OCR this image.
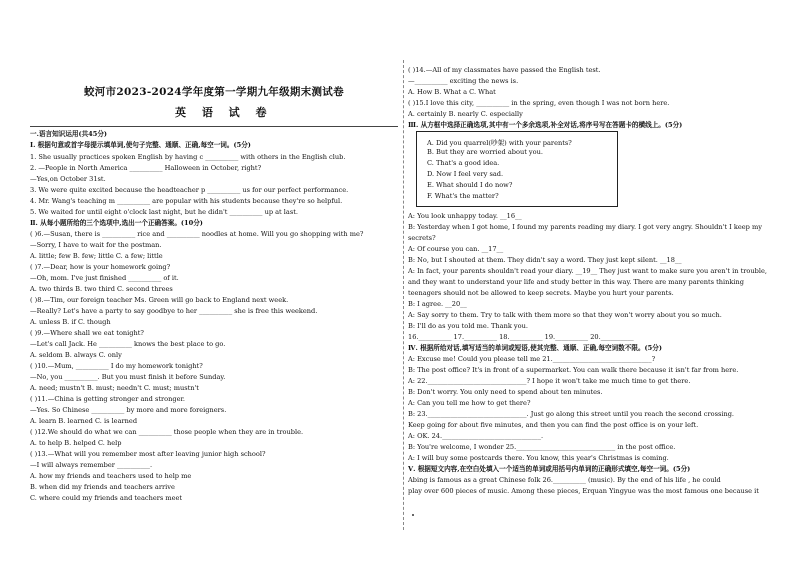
蛟河市2023-2024学年度第一学期九年级期末测试卷
英 语 试 卷
一.语言知识运用(共45分)
Ⅰ. 根据句意或首字母提示填单词,使句子完整、通顺、正确,每空一词。(5分)
1. She usually practices spoken English by having c __________ with others in the English club.
2. —People in North America __________ Halloween in October, right?
—Yes,on October 31st.
3. We were quite excited because the headteacher p __________ us for our perfect performance.
4. Mr. Wang's teaching m __________ are popular with his students because they're so helpful.
5. We waited for until eight o'clock last night, but he didn't __________ up at last.
Ⅱ. 从每小题所给的三个选项中,选出一个正确答案。(10分)
( )6.—Susan, there is __________ rice and __________ noodles at home. Will you go shopping with me?
—Sorry, I have to wait for the postman.
A. little; few B. few; little C. a few; little
( )7.—Dear, how is your homework going?
—Oh, mom. I've just finished __________ of it.
A. two thirds B. two third C. second threes
( )8.—Tim, our foreign teacher Ms. Green will go back to England next week.
—Really? Let's have a party to say goodbye to her __________ she is free this weekend.
A. unless B. if C. though
( )9.—Where shall we eat tonight?
—Let's call Jack. He __________ knows the best place to go.
A. seldom B. always C. only
( )10.—Mum, __________ I do my homework tonight?
—No, you __________. But you must finish it before Sunday.
A. need; mustn't B. must; needn't C. must; mustn't
( )11.—China is getting stronger and stronger.
—Yes. So Chinese __________ by more and more foreigners.
A. learn B. learned C. is learned
( )12.We should do what we can __________ those people when they are in trouble.
A. to help B. helped C. help
( )13.—What will you remember most after leaving junior high school?
—I will always remember __________.
A. how my friends and teachers used to help me
B. when did my friends and teachers arrive
C. where could my friends and teachers meet
A. Did you quarrel(吵架) with your parents?
B. But they are worried about you.
C. That's a good idea.
D. Now I feel very sad.
E. What should I do now?
F. What's the matter?
( )14.—All of my classmates have passed the English test.
—__________ exciting the news is.
A. How B. What a C. What
( )15.I love this city, __________ in the spring, even though I was not born here.
A. certainly B. nearly C. especially
Ⅲ. 从方框中选择正确选项,其中有一个多余选项,补全对话,将序号写在答题卡的横线上。(5分)
A: You look unhappy today. __16__
B: Yesterday when I got home, I found my parents reading my diary. I got very angry. Shouldn't I keep my
secrets?
A: Of course you can. __17__
B: No, but I shouted at them. They didn't say a word. They just kept silent. __18__
A: In fact, your parents shouldn't read your diary. __19__ They just want to make sure you aren't in trouble,
and they want to understand your life and study better in this way. There are many parents thinking
teenagers should not be allowed to keep secrets. Maybe you hurt your parents.
B: I agree. __20__
A: Say sorry to them. Try to talk with them more so that they won't worry about you so much.
B: I'll do as you told me. Thank you.
16.__________ 17.__________ 18.__________ 19.__________ 20.__________
Ⅳ. 根据所给对话,填写适当的单词或短语,使其完整、通顺、正确,每空词数不限。(5分)
A: Excuse me! Could you please tell me 21.______________________________?
B: The post office? It's in front of a supermarket. You can walk there because it isn't far from here.
A: 22.______________________________? I hope it won't take me much time to get there.
B: Don't worry. You only need to spend about ten minutes.
A: Can you tell me how to get there?
B: 23.______________________________. Just go along this street until you reach the second crossing.
Keep going for about five minutes, and then you can find the post office is on your left.
A: OK. 24.______________________________.
B: You're welcome, I wonder 25.______________________________ in the post office.
A: I will buy some postcards there. You know, this year's Christmas is coming.
Ⅴ. 根据短文内容,在空白处填入一个适当的单词或用括号内单词的正确形式填空,每空一词。(5分)
Abing is famous as a great Chinese folk 26.__________ (music). By the end of his life , he could
play over 600 pieces of music. Among these pieces, Erquan Yingyue was the most famous one because it
